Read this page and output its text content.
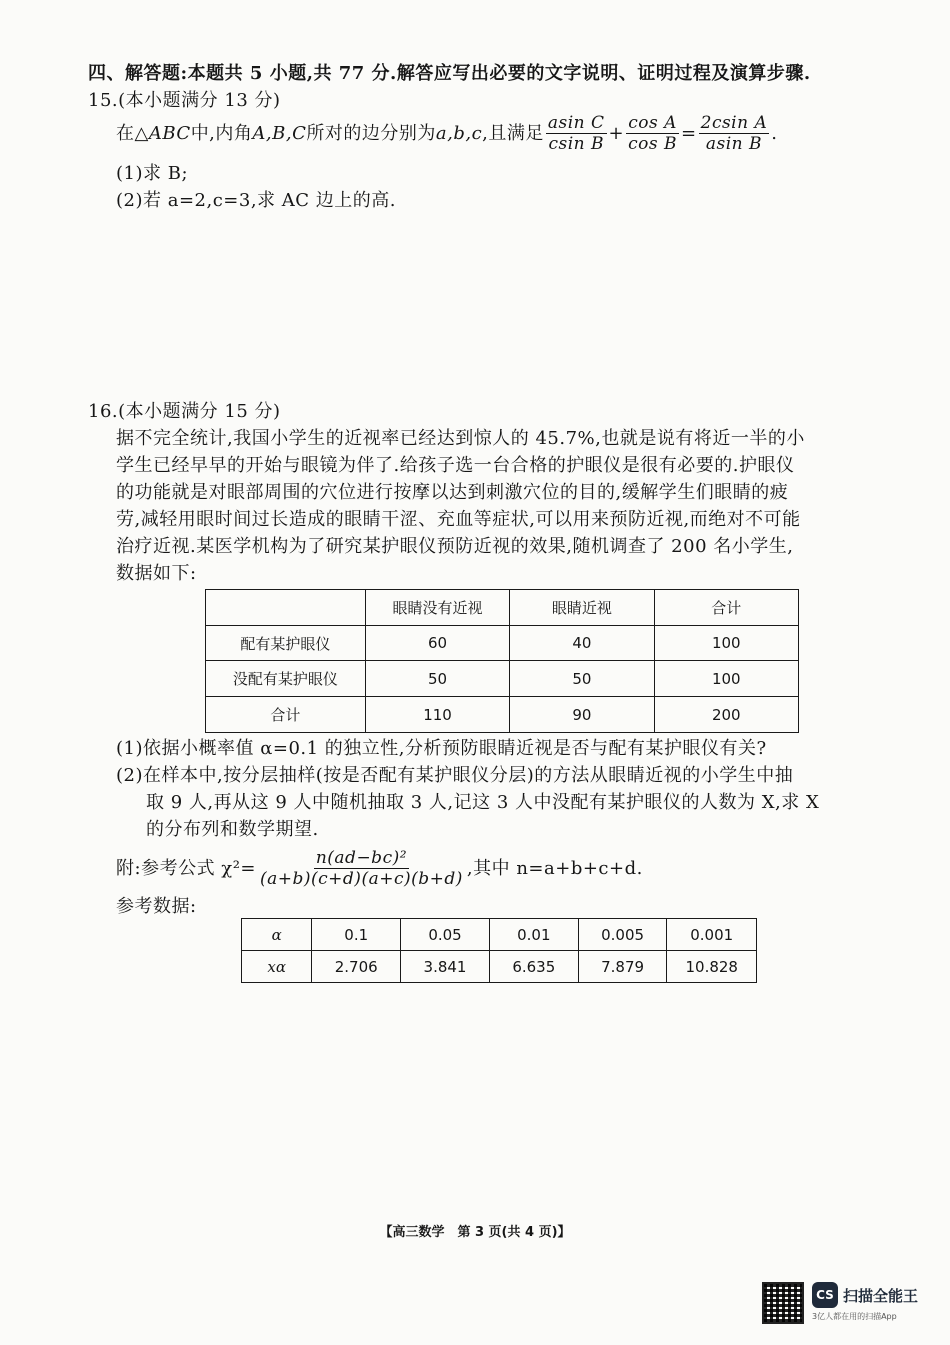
四、解答题:本题共 5 小题,共 77 分.解答应写出必要的文字说明、证明过程及演算步骤.
15.(本小题满分 13 分)
在△ ABC 中,内角 A,B,C 所对的边分别为 a,b,c ,且满足 $\frac{\text{asin C}}{\text{csin B}} + \frac{\text{cos A}}{\text{cos B}} = \frac{\text{2csin A}}{\text{asin B}}$ .
(1)求 B;
(2)若 a=2,c=3,求 AC 边上的高.
16.(本小题满分 15 分)
据不完全统计,我国小学生的近视率已经达到惊人的 45.7%,也就是说有将近一半的小
学生已经早早的开始与眼镜为伴了.给孩子选一台合格的护眼仪是很有必要的.护眼仪
的功能就是对眼部周围的穴位进行按摩以达到刺激穴位的目的,缓解学生们眼睛的疲
劳,减轻用眼时间过长造成的眼睛干涩、充血等症状,可以用来预防近视,而绝对不可能
治疗近视.某医学机构为了研究某护眼仪预防近视的效果,随机调查了 200 名小学生,
数据如下:
	眼睛没有近视	眼睛近视	合计
配有某护眼仪	60	40	100
没配有某护眼仪	50	50	100
合计	110	90	200
(1)依据小概率值 α=0.1 的独立性,分析预防眼睛近视是否与配有某护眼仪有关?
(2)在样本中,按分层抽样(按是否配有某护眼仪分层)的方法从眼睛近视的小学生中抽
取 9 人,再从这 9 人中随机抽取 3 人,记这 3 人中没配有某护眼仪的人数为 X,求 X
的分布列和数学期望.
附:参考公式 $\chi^2= \frac{\text{n(ad−bc)²}}{(a+b)(c+d)(a+c)(b+d)}$ ,其中 n=a+b+c+d.
参考数据:
α	0.1	0.05	0.01	0.005	0.001
xα	2.706	3.841	6.635	7.879	10.828
【高三数学　第 3 页(共 4 页)】
CS 扫描全能王
3亿人都在用的扫描App
